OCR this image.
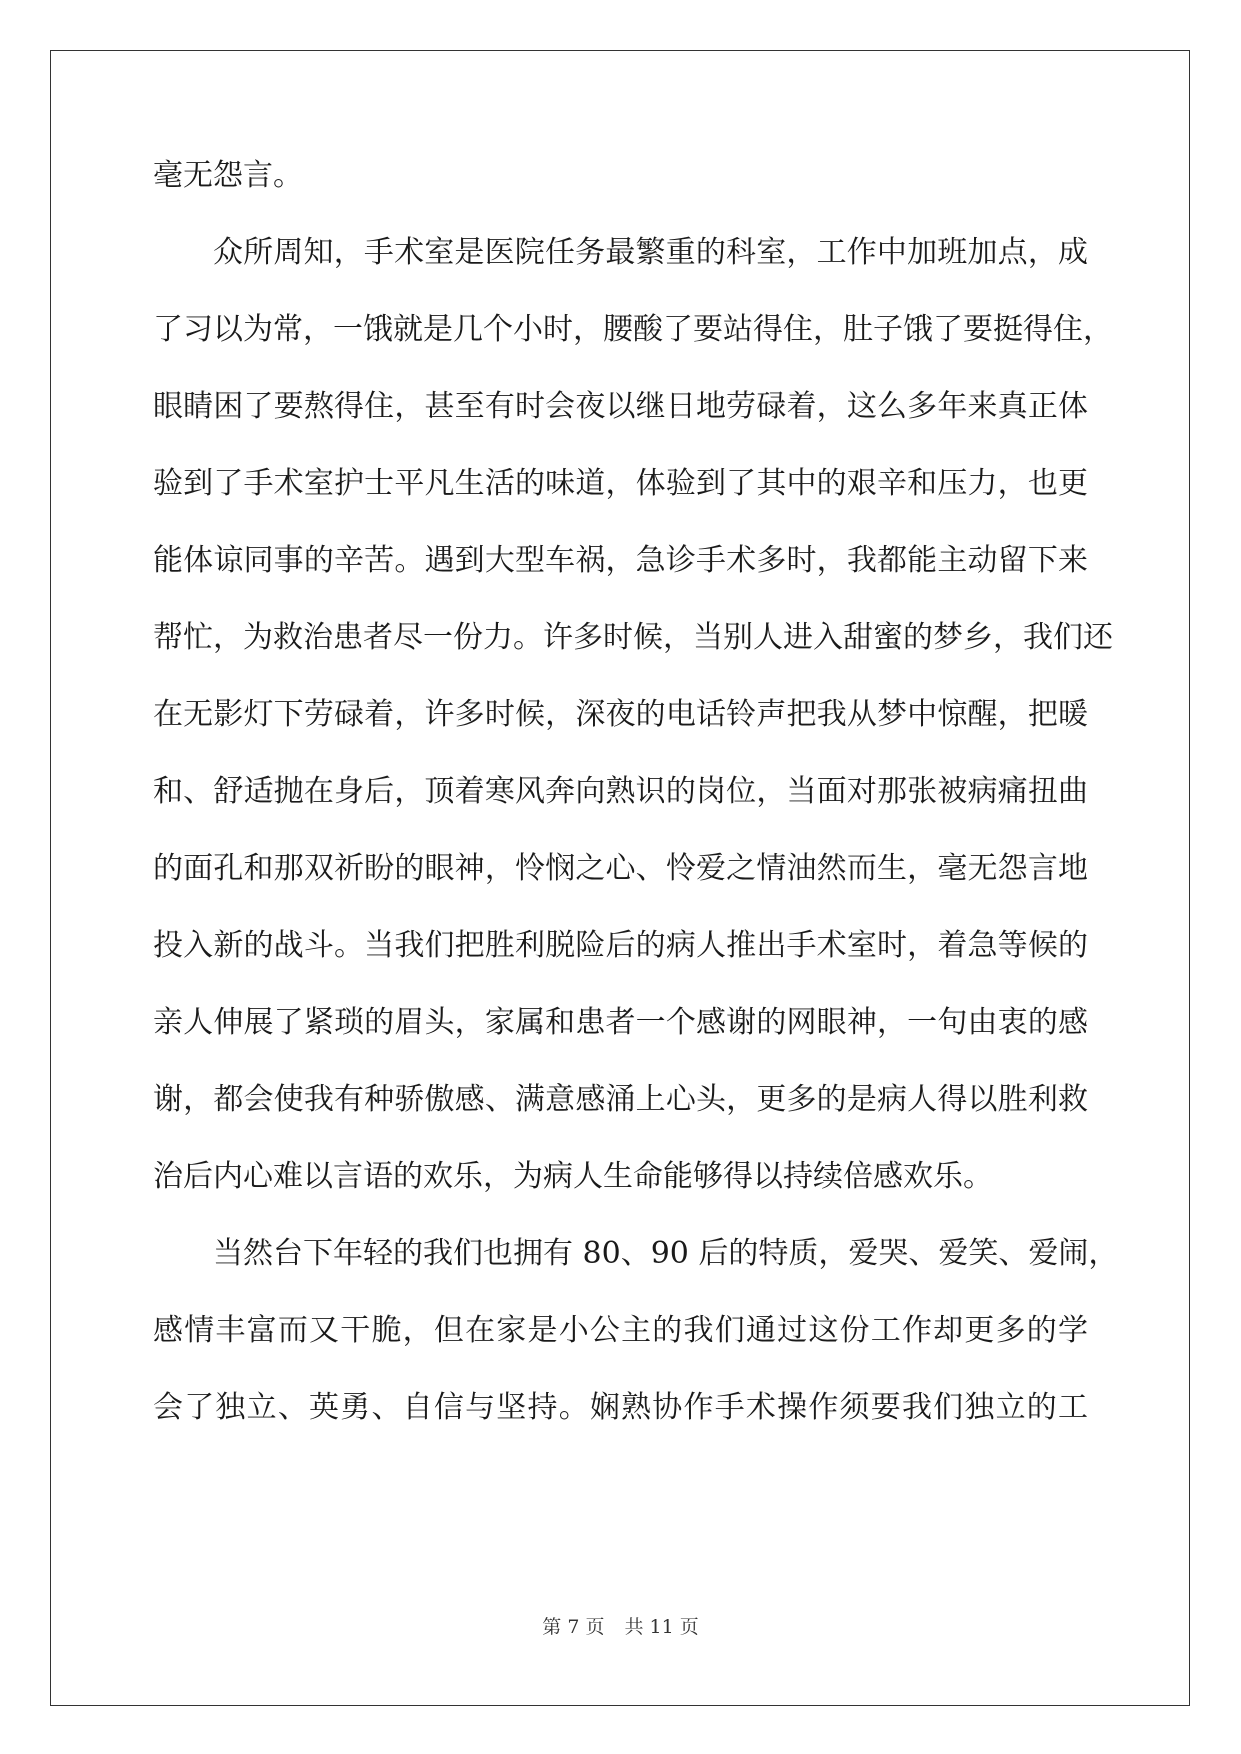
毫无怨言。
众所周知，手术室是医院任务最繁重的科室，工作中加班加点，成
了习以为常，一饿就是几个小时，腰酸了要站得住，肚子饿了要挺得住，
眼睛困了要熬得住，甚至有时会夜以继日地劳碌着，这么多年来真正体
验到了手术室护士平凡生活的味道，体验到了其中的艰辛和压力，也更
能体谅同事的辛苦。遇到大型车祸，急诊手术多时，我都能主动留下来
帮忙，为救治患者尽一份力。许多时候，当别人进入甜蜜的梦乡，我们还
在无影灯下劳碌着，许多时候，深夜的电话铃声把我从梦中惊醒，把暖
和、舒适抛在身后，顶着寒风奔向熟识的岗位，当面对那张被病痛扭曲
的面孔和那双祈盼的眼神，怜悯之心、怜爱之情油然而生，毫无怨言地
投入新的战斗。当我们把胜利脱险后的病人推出手术室时，着急等候的
亲人伸展了紧琐的眉头，家属和患者一个感谢的网眼神，一句由衷的感
谢，都会使我有种骄傲感、满意感涌上心头，更多的是病人得以胜利救
治后内心难以言语的欢乐，为病人生命能够得以持续倍感欢乐。
当然台下年轻的我们也拥有 80、90 后的特质，爱哭、爱笑、爱闹，
感情丰富而又干脆，但在家是小公主的我们通过这份工作却更多的学
会了独立、英勇、自信与坚持。娴熟协作手术操作须要我们独立的工
第 7 页 共 11 页
